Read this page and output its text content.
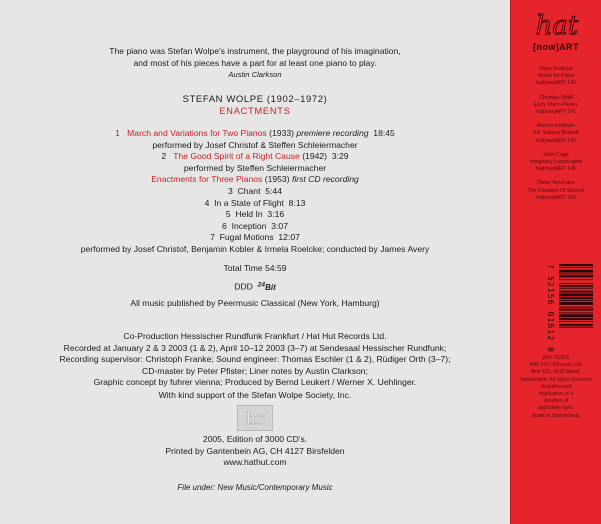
The piano was Stefan Wolpe's instrument, the playground of his imagination,
and most of his pieces have a part for at least one piano to play.
Austin Clarkson
STEFAN WOLPE (1902–1972)
ENACTMENTS
1 March and Variations for Two Pianos (1933) premiere recording 18:45
performed by Josef Christof & Steffen Schleiermacher
2 The Good Spirit of a Right Cause (1942) 3:29
performed by Steffen Schleiermacher
Enactments for Three Pianos (1953) first CD recording
3 Chant 5:44
4 In a State of Flight 8:13
5 Held In 3:16
6 Inception 3:07
7 Fugal Motions 12:07
performed by Josef Christof, Benjamin Kobler & Irmela Roelcke; conducted by James Avery
Total Time 54:59
DDD $^{24}$Bit
All music published by Peermusic Classical (New York, Hamburg)
Co-Production Hessischer Rundfunk Frankfurt / Hat Hut Records Ltd.
Recorded at January 2 & 3 2003 (1 & 2), April 10–12 2003 (3–7) at Sendesaal Hessischer Rundfunk;
Recording supervisor: Christoph Franke; Sound engineer: Thomas Eschler (1 & 2), Rüdiger Orth (3–7);
CD-master by Peter Pfister; Liner notes by Austin Clarkson;
Graphic concept by fuhrer vienna; Produced by Bernd Leukert / Werner X. Uehlinger.
With kind support of the Stefan Wolpe Society, Inc.
hr
2005, Edition of 3000 CD's.
Printed by Gantenbein AG, CH 4127 Birsfelden
www.hathut.com
File under: New Music/Contemporary Music
hat
[now]ART
Dane Rudhyar
Works for Piano
hat[now]ART 140
Christian Wolff
Early Piano Pieces
hat[now]ART 141
Morton Feldman
For Samuel Beckett
hat[now]ART 142
John Cage
Imaginary Landscapes
hat[now]ART 145
Dieter Neumann
The Freedom Of Speech
hat[now]ART 158
7 52156 01612 0
(P)+ ©2005
HAT HUT Records Ltd.
Box 521, 4020 Basel,
Switzerland. All rights reserved.
Unauthorized
duplication is a
violation of
applicable laws.
Made in Switzerland.
